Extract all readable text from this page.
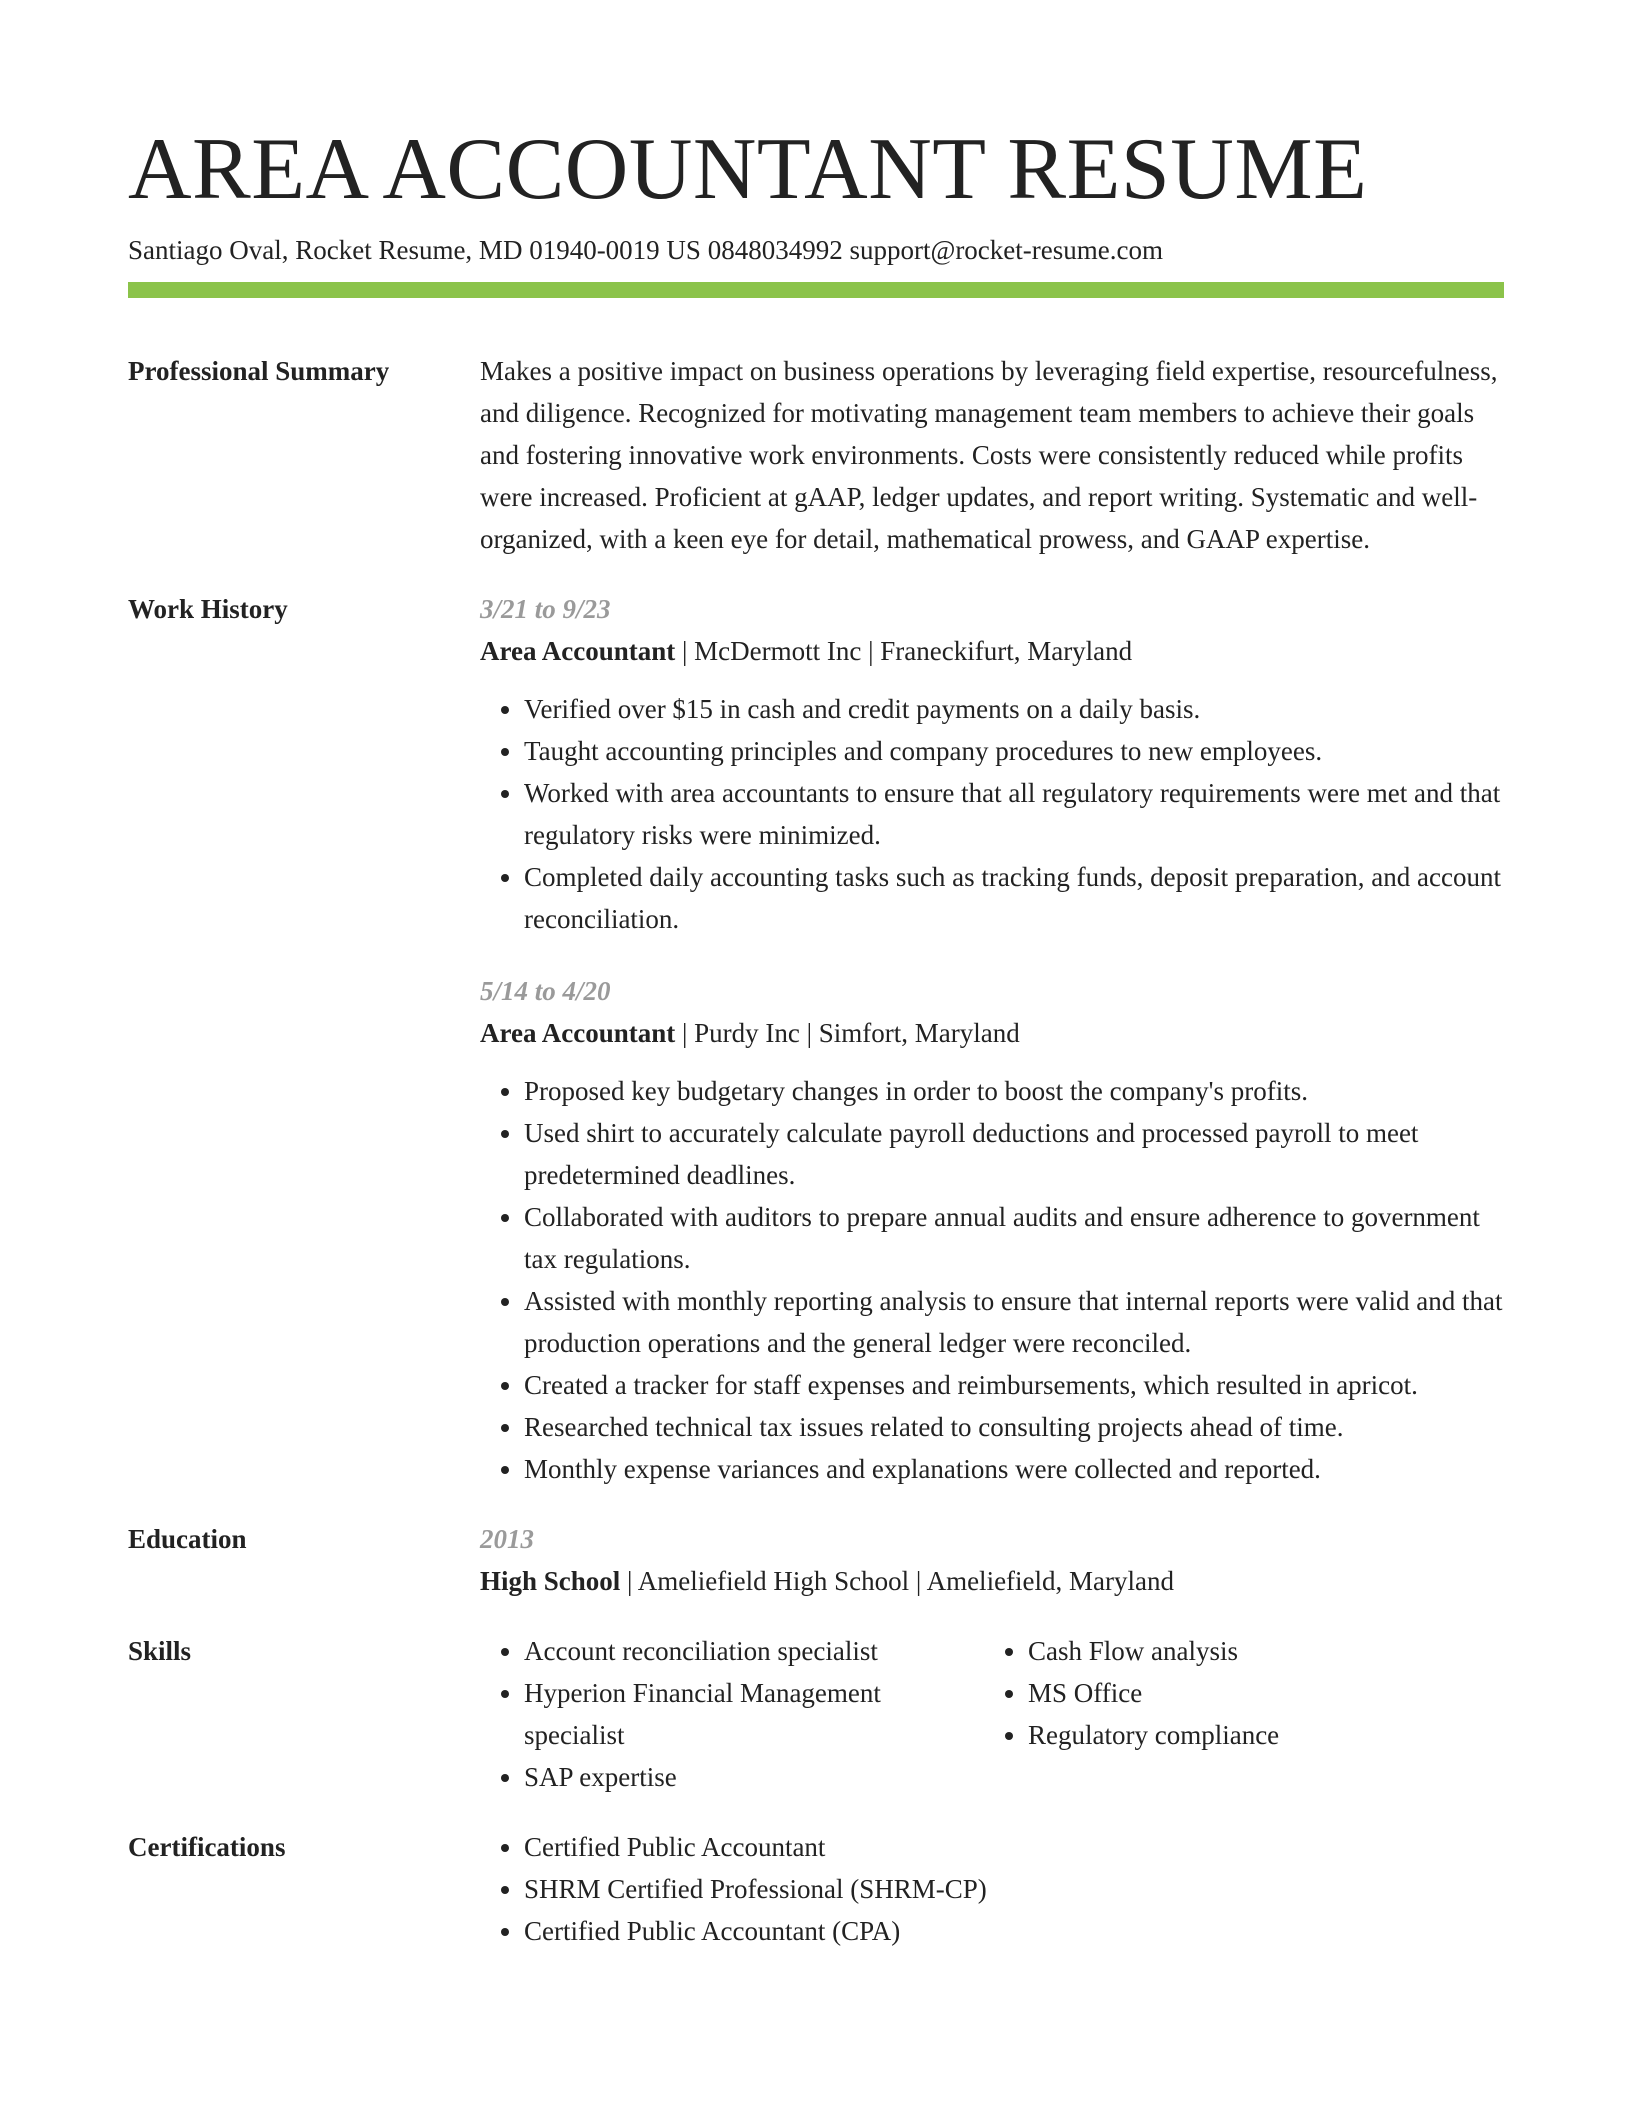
AREA ACCOUNTANT RESUME
Santiago Oval, Rocket Resume, MD 01940-0019 US 0848034992 support@rocket-resume.com
Professional Summary	Makes a positive impact on business operations by leveraging field expertise, resourcefulness, and diligence. Recognized for motivating management team members to achieve their goals and fostering innovative work environments. Costs were consistently reduced while profits were increased. Proficient at gAAP, ledger updates, and report writing. Systematic and well-organized, with a keen eye for detail, mathematical prowess, and GAAP expertise.

Work History	3/21 to 9/23
Area Accountant | McDermott Inc | Franeckifurt, Maryland
• Verified over $15 in cash and credit payments on a daily basis.
• Taught accounting principles and company procedures to new employees.
• Worked with area accountants to ensure that all regulatory requirements were met and that regulatory risks were minimized.
• Completed daily accounting tasks such as tracking funds, deposit preparation, and account reconciliation.
5/14 to 4/20
Area Accountant | Purdy Inc | Simfort, Maryland
• Proposed key budgetary changes in order to boost the company's profits.
• Used shirt to accurately calculate payroll deductions and processed payroll to meet predetermined deadlines.
• Collaborated with auditors to prepare annual audits and ensure adherence to government tax regulations.
• Assisted with monthly reporting analysis to ensure that internal reports were valid and that production operations and the general ledger were reconciled.
• Created a tracker for staff expenses and reimbursements, which resulted in apricot.
• Researched technical tax issues related to consulting projects ahead of time.
• Monthly expense variances and explanations were collected and reported.
Education	2013
High School | Ameliefield High School | Ameliefield, Maryland
Skills	• Account reconciliation specialist
• Hyperion Financial Management specialist
• SAP expertise
• Cash Flow analysis
• MS Office
• Regulatory compliance
Certifications	• Certified Public Accountant
• SHRM Certified Professional (SHRM-CP)
• Certified Public Accountant (CPA)
